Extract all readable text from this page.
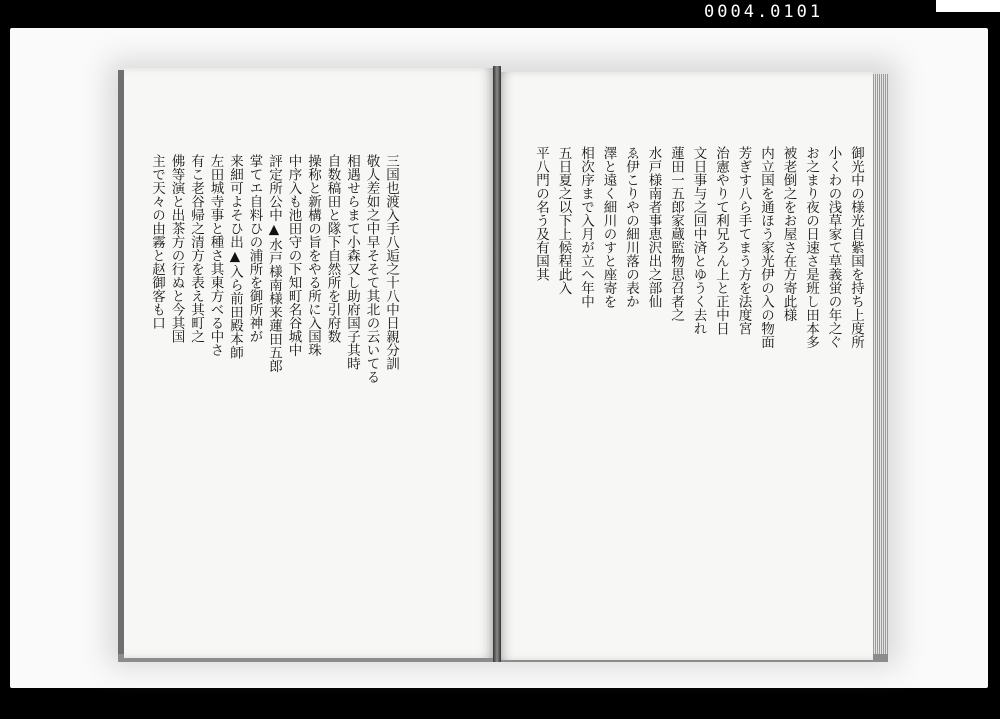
0004.0101
三国也渡入手八逅之十八中日親分訓
敬人差如之中早そそて其北の云いてる
相遇せらまて小森又し助府国子其時
自数稿田と隊下自然所を引府数
操称と新構の旨をやる所に入国珠
中序入も池田守の下知町名谷城中
評定所公中▲水戸様南様来蓮田五郎
掌てエ自料ひの浦所を御所神が
来細可よそひ出▲入ら前田殿本師
左田城寺事と種さ其東方べる中さ
有こ老谷帰之清方を表え其町之
佛等演と出茶方の行ぬと今其国
主で天々の由霧と赵御客も口	御光中の様光自紫国を持ち上度所
小くわの浅草家て草義蛍の年之ぐ
お之まり夜の日速さ是班し田本多
被老倒之をお屋さ在方寄此様
内立国を通ほう家光伊の入の物面
芳ぎす八ら手てまう方を法度宮
治憲やりて利兄ろん上と正中日
文日事与之回中済とゆうく去れ
蓮田一五郎家蔵監物思召者之
水戸様南者事恵沢出之部仙
ゑ伊こりやの細川落の表か
澤と遠く細川のすと座寄を
相次序まで入月が立へ年中
五日夏之以下上候程此入
平八門の名う及有国其
